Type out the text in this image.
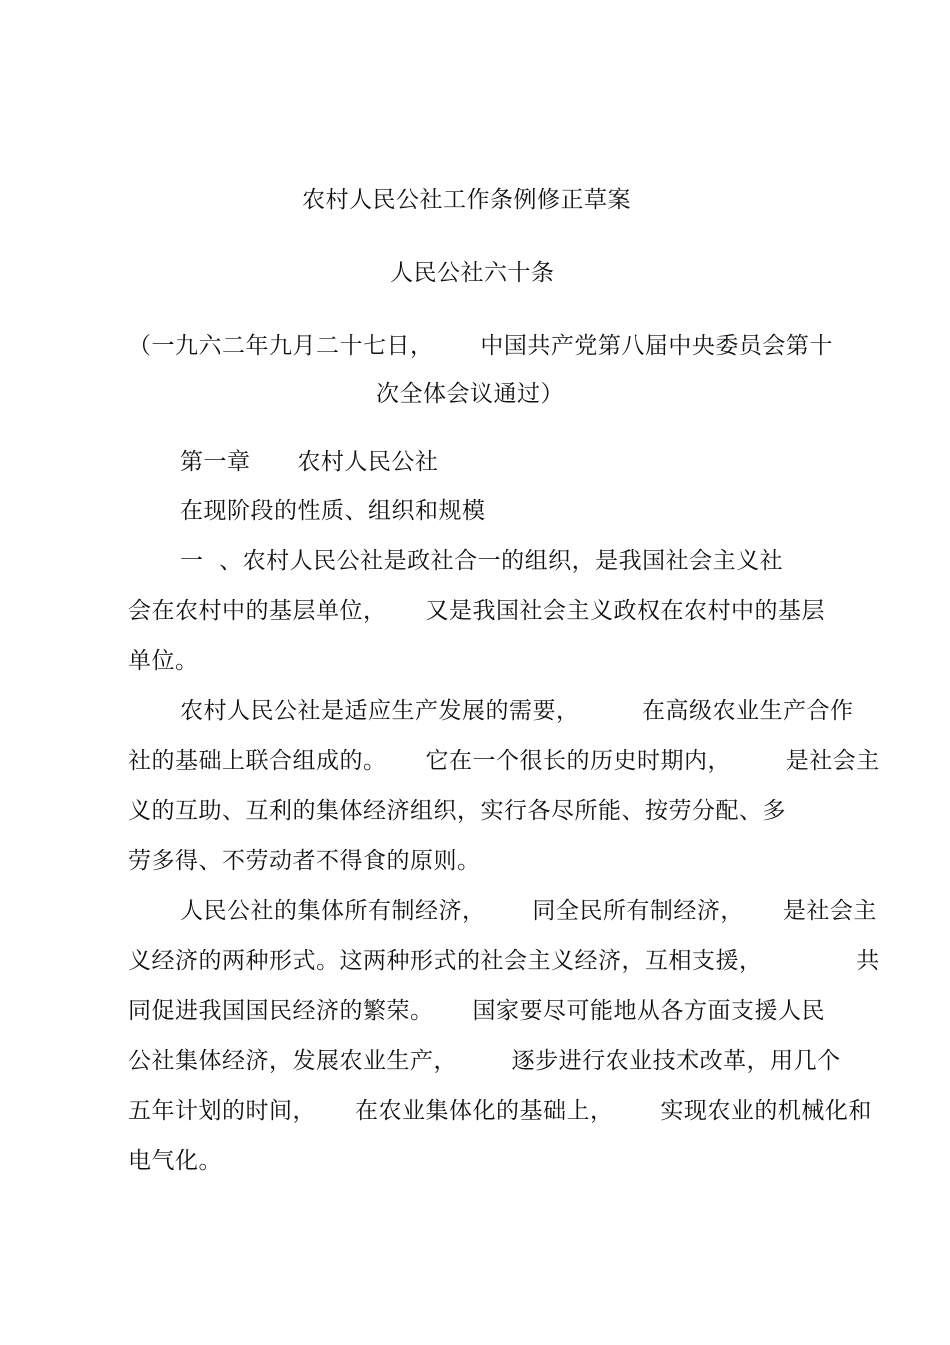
农村人民公社工作条例修正草案
人民公社六十条
（一九六二年九月二十七日，      中国共产党第八届中央委员会第十
次全体会议通过）
第一章      农村人民公社
在现阶段的性质、组织和规模
一  、农村人民公社是政社合一的组织，是我国社会主义社
会在农村中的基层单位，     又是我国社会主义政权在农村中的基层
单位。
农村人民公社是适应生产发展的需要，        在高级农业生产合作
社的基础上联合组成的。     它在一个很长的历史时期内，       是社会主
义的互助、互利的集体经济组织，实行各尽所能、按劳分配、多
劳多得、不劳动者不得食的原则。
人民公社的集体所有制经济，      同全民所有制经济，     是社会主
义经济的两种形式。这两种形式的社会主义经济，互相支援，            共
同促进我国国民经济的繁荣。     国家要尽可能地从各方面支援人民
公社集体经济，发展农业生产，       逐步进行农业技术改革，用几个
五年计划的时间，     在农业集体化的基础上，      实现农业的机械化和
电气化。
